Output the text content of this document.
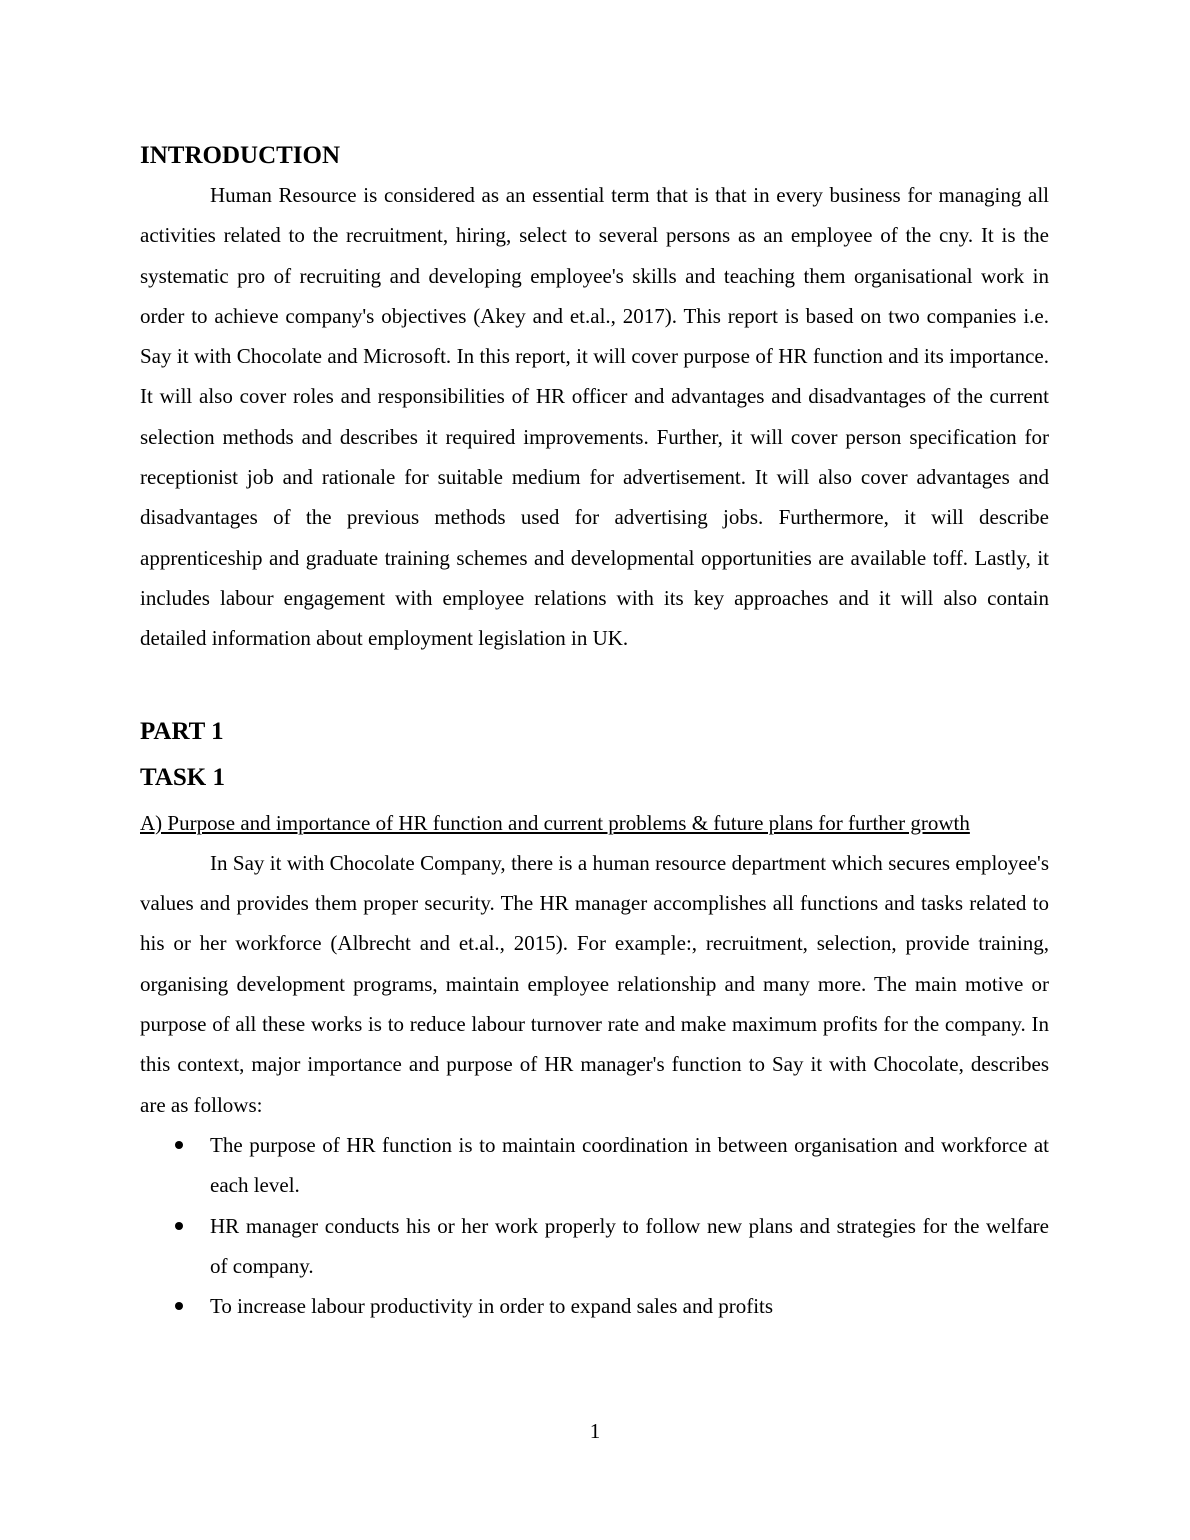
INTRODUCTION

Human Resource is considered as an essential term that is that in every business for managing all activities related to the recruitment, hiring, select to several persons as an employee of the cny. It is the systematic pro of recruiting and developing employee's skills and teaching them organisational work in order to achieve company's objectives (Akey and et.al., 2017). This report is based on two companies i.e. Say it with Chocolate and Microsoft. In this report, it will cover purpose of HR function and its importance. It will also cover roles and responsibilities of HR officer and advantages and disadvantages of the current selection methods and describes it required improvements. Further, it will cover person specification for receptionist job and rationale for suitable medium for advertisement. It will also cover advantages and disadvantages of the previous methods used for advertising jobs. Furthermore, it will describe apprenticeship and graduate training schemes and developmental opportunities are available toff. Lastly, it includes labour engagement with employee relations with its key approaches and it will also contain detailed information about employment legislation in UK.

PART 1
TASK 1

A) Purpose and importance of HR function and current problems & future plans for further growth

In Say it with Chocolate Company, there is a human resource department which secures employee's values and provides them proper security. The HR manager accomplishes all functions and tasks related to his or her workforce (Albrecht and et.al., 2015). For example:, recruitment, selection, provide training, organising development programs, maintain employee relationship and many more. The main motive or purpose of all these works is to reduce labour turnover rate and make maximum profits for the company. In this context, major importance and purpose of HR manager's function to Say it with Chocolate, describes are as follows:

The purpose of HR function is to maintain coordination in between organisation and workforce at each level.
HR manager conducts his or her work properly to follow new plans and strategies for the welfare of company.
To increase labour productivity in order to expand sales and profits
1
